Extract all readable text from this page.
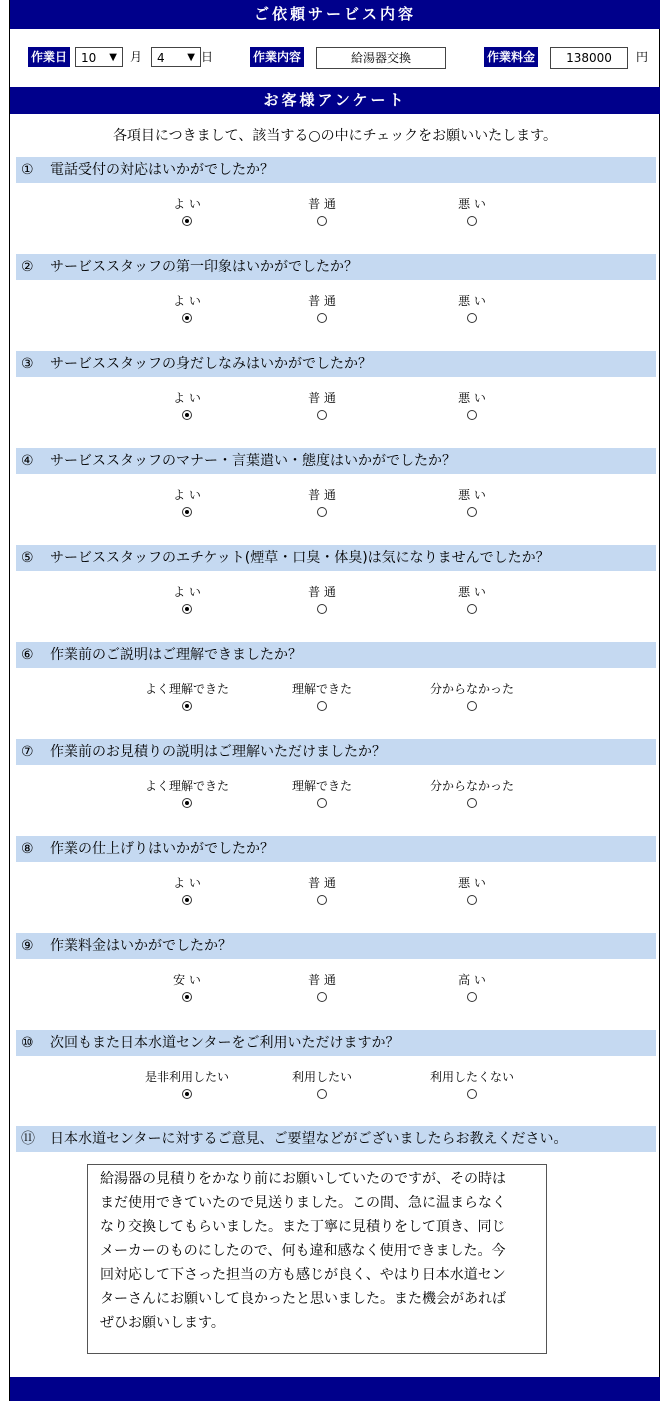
ご依頼サービス内容
作業日 10 ▼ 月 4 ▼ 日	作業内容	給湯器交換	作業料金	138000	円
お客様アンケート
各項目につきまして、該当する○の中にチェックをお願いいたします。
① 電話受付の対応はいかがでしたか？
よ い	普 通	悪 い
② サービススタッフの第一印象はいかがでしたか？
よ い	普 通	悪 い
③ サービススタッフの身だしなみはいかがでしたか？
よ い	普 通	悪 い
④ サービススタッフのマナー・言葉遣い・態度はいかがでしたか？
よ い	普 通	悪 い
⑤ サービススタッフのエチケット(煙草・口臭・体臭)は気になりませんでしたか？
よ い	普 通	悪 い
⑥ 作業前のご説明はご理解できましたか？
よく理解できた	理解できた	分からなかった
⑦ 作業前のお見積りの説明はご理解いただけましたか？
よく理解できた	理解できた	分からなかった
⑧ 作業の仕上げりはいかがでしたか？
よ い	普 通	悪 い
⑨ 作業料金はいかがでしたか？
安 い	普 通	高 い
⑩ 次回もまた日本水道センターをご利用いただけますか？
是非利用したい	利用したい	利用したくない
⑪ 日本水道センターに対するご意見、ご要望などがございましたらお教えください。
給湯器の見積りをかなり前にお願いしていたのですが、その時は
まだ使用できていたので見送りました。この間、急に温まらなく
なり交換してもらいました。また丁寧に見積りをして頂き、同じ
メーカーのものにしたので、何も違和感なく使用できました。今
回対応して下さった担当の方も感じが良く、やはり日本水道セン
ターさんにお願いして良かったと思いました。また機会があれば
ぜひお願いします。
